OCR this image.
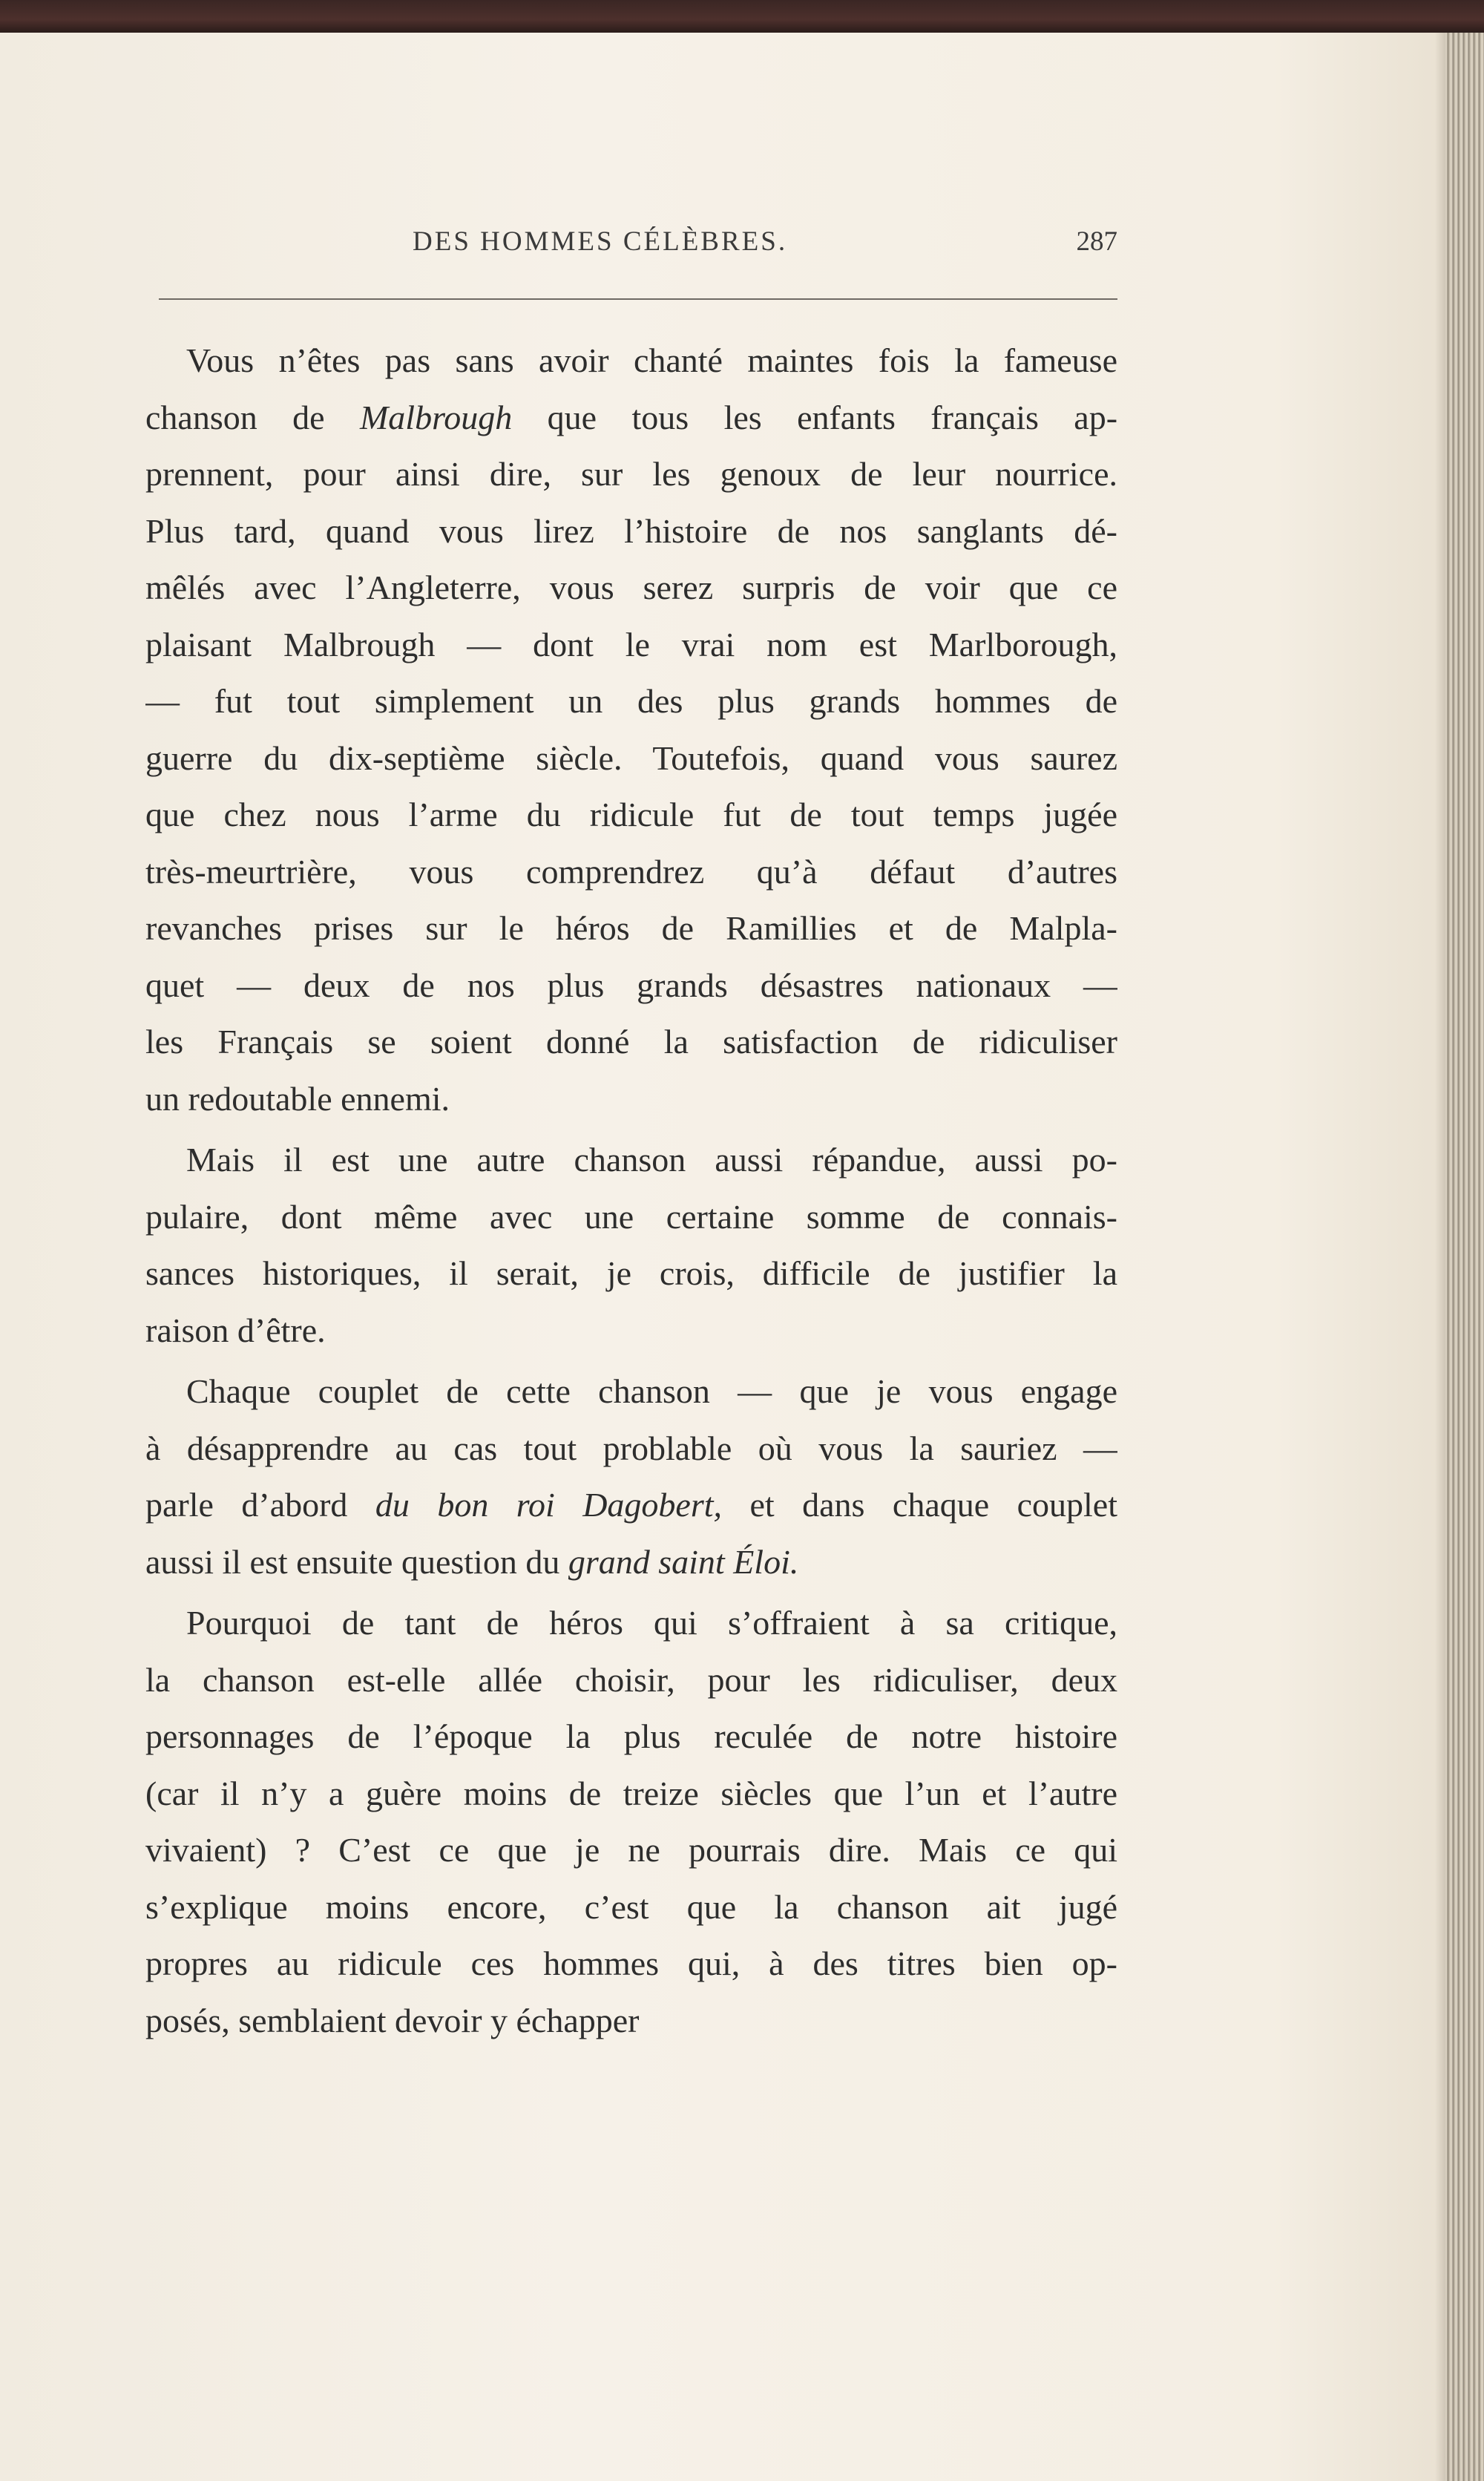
DES HOMMES CÉLÈBRES.	287
Vous n’êtes pas sans avoir chanté maintes fois la fameuse
chanson de Malbrough que tous les enfants français ap-
prennent, pour ainsi dire, sur les genoux de leur nourrice.
Plus tard, quand vous lirez l’histoire de nos sanglants dé-
mêlés avec l’Angleterre, vous serez surpris de voir que ce
plaisant Malbrough — dont le vrai nom est Marlborough,
— fut tout simplement un des plus grands hommes de
guerre du dix-septième siècle. Toutefois, quand vous saurez
que chez nous l’arme du ridicule fut de tout temps jugée
très-meurtrière, vous comprendrez qu’à défaut d’autres
revanches prises sur le héros de Ramillies et de Malpla-
quet — deux de nos plus grands désastres nationaux —
les Français se soient donné la satisfaction de ridiculiser
un redoutable ennemi.
Mais il est une autre chanson aussi répandue, aussi po-
pulaire, dont même avec une certaine somme de connais-
sances historiques, il serait, je crois, difficile de justifier la
raison d’être.
Chaque couplet de cette chanson — que je vous engage
à désapprendre au cas tout problable où vous la sauriez —
parle d’abord du bon roi Dagobert, et dans chaque couplet
aussi il est ensuite question du grand saint Éloi.
Pourquoi de tant de héros qui s’offraient à sa critique,
la chanson est-elle allée choisir, pour les ridiculiser, deux
personnages de l’époque la plus reculée de notre histoire
(car il n’y a guère moins de treize siècles que l’un et l’autre
vivaient) ? C’est ce que je ne pourrais dire. Mais ce qui
s’explique moins encore, c’est que la chanson ait jugé
propres au ridicule ces hommes qui, à des titres bien op-
posés, semblaient devoir y échapper
